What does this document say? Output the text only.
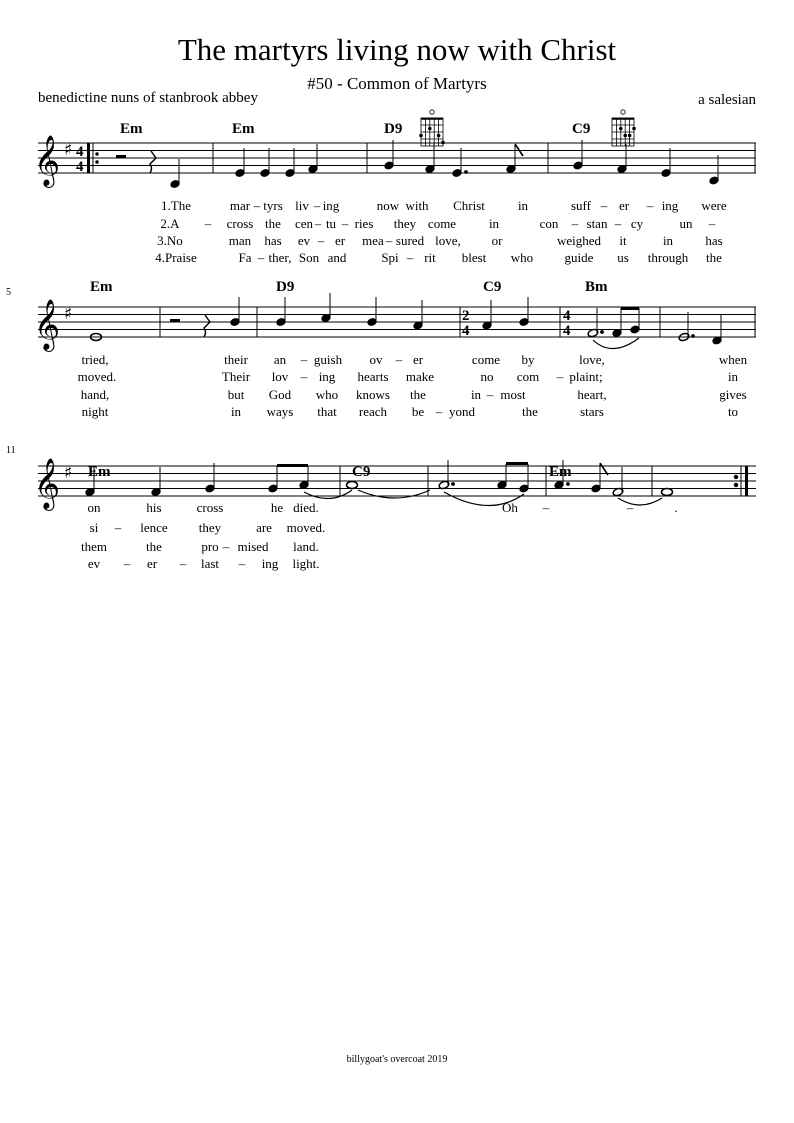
The martyrs living now with Christ
#50 - Common of Martyrs
benedictine nuns of stanbrook abbey	a salesian
Em	Em	D9	C9
Em	D9	C9	Bm
Em	C9	Em
𝄞 ♯ 4
4
5
𝄞 ♯	2
4
4
4
11
𝄞 ♯
1.The	mar – tyrs liv – ing	now with Christ	in	suff – er – ing were
2.A – cross the cen – tu – ries they come	in	con – stan – cy	un –
3.No	man has ev – er mea – sured love, or	weighed it	in has
4.Praise	Fa – ther, Son and	Spi – rit blest who guide us through the
tried,	their an – guish ov – er	come by	love,	when
moved.	Their lov – ing hearts make	no com – plaint;	in
hand,	but God who knows the	in – most	heart,	gives
night	in ways that reach be – yond	the	stars	to
on	his	cross	he died.	Oh –	–	.
si – lence they	are moved.
them	the	pro – mised land.
ev – er – last – ing light.
billygoat's overcoat 2019
